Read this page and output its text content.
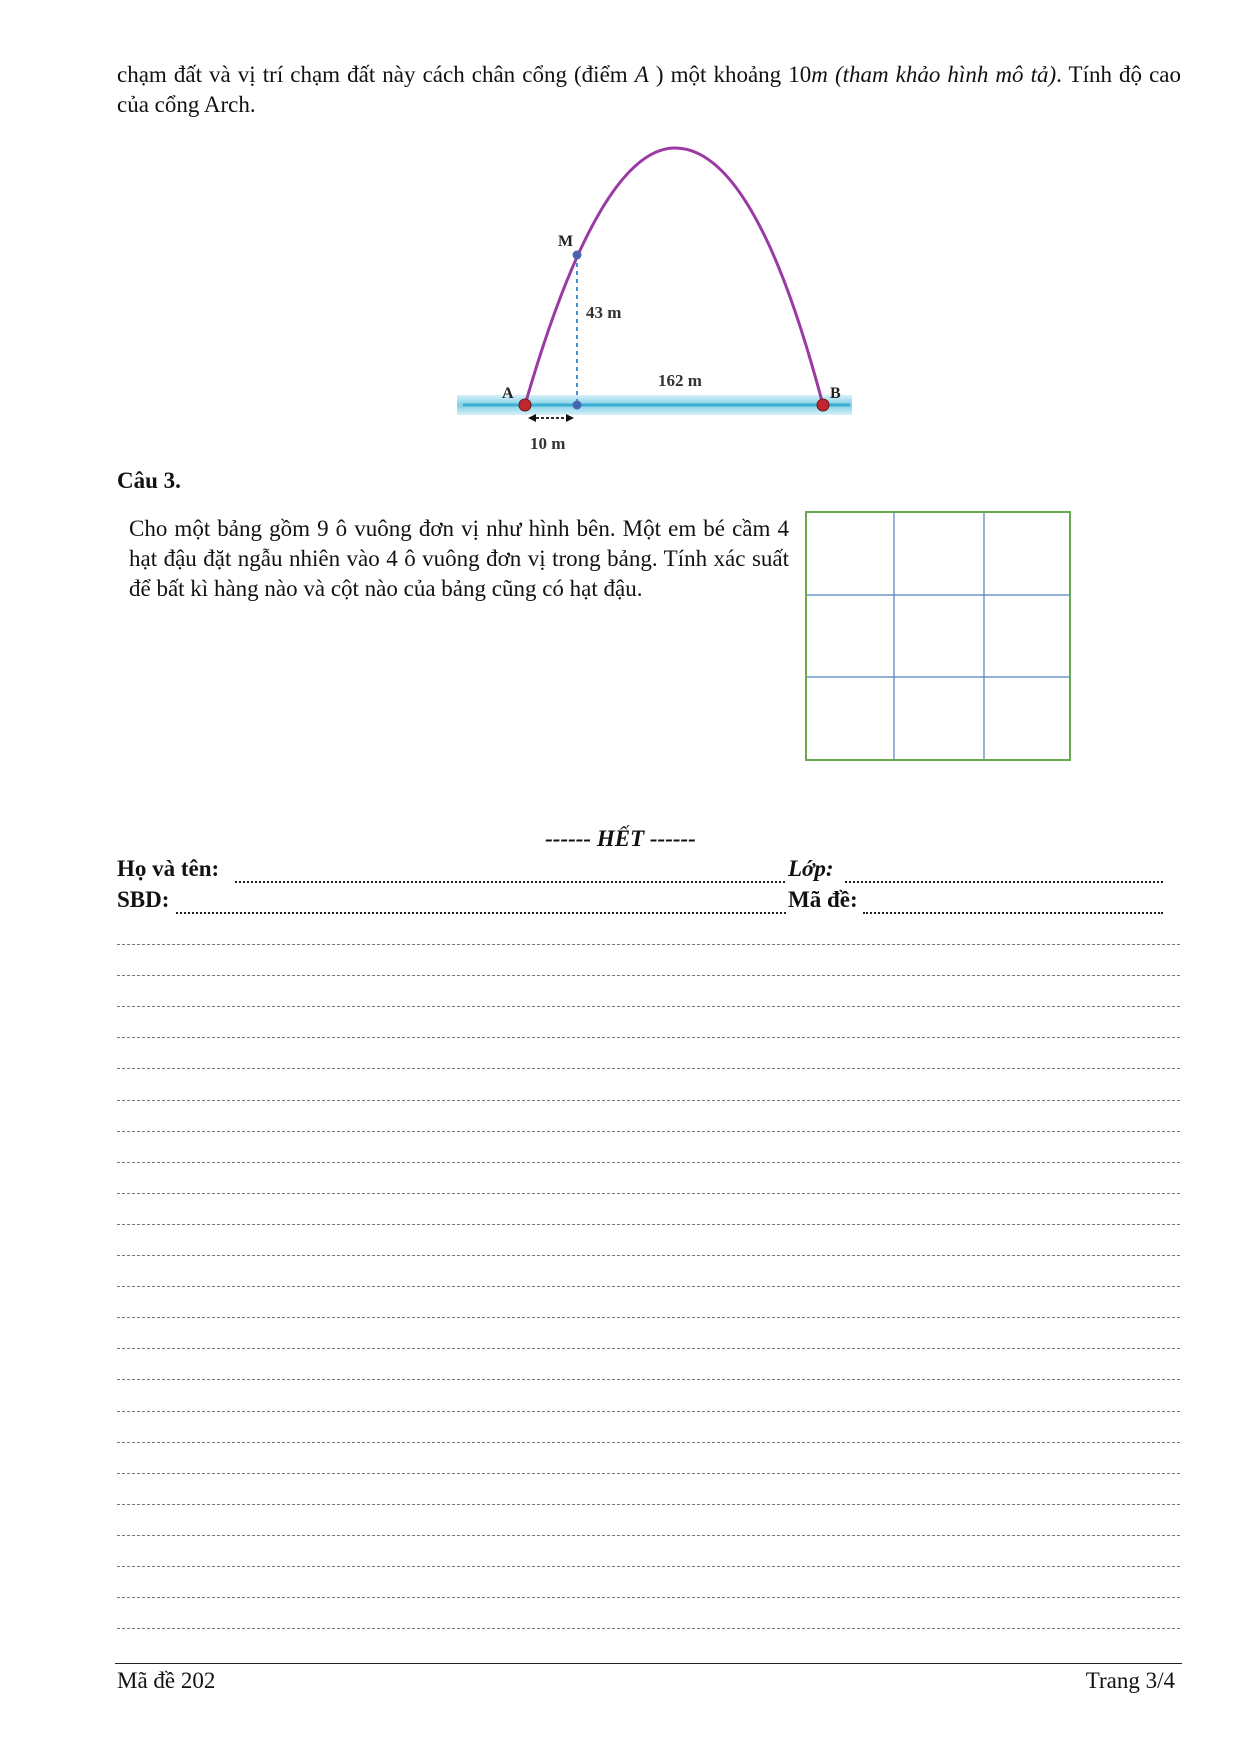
chạm đất và vị trí chạm đất này cách chân cổng (điểm A ) một khoảng 10m (tham khảo hình mô tả). Tính độ cao của cổng Arch.
M
A	B
43 m
162 m
10 m
Câu 3.
Cho một bảng gồm 9 ô vuông đơn vị như hình bên. Một em bé cầm 4 hạt đậu đặt ngẫu nhiên vào 4 ô vuông đơn vị trong bảng. Tính xác suất để bất kì hàng nào và cột nào của bảng cũng có hạt đậu.
------ HẾT ------
Họ và tên:	Lớp:
SBD:	Mã đề:
Mã đề 202	Trang 3/4
